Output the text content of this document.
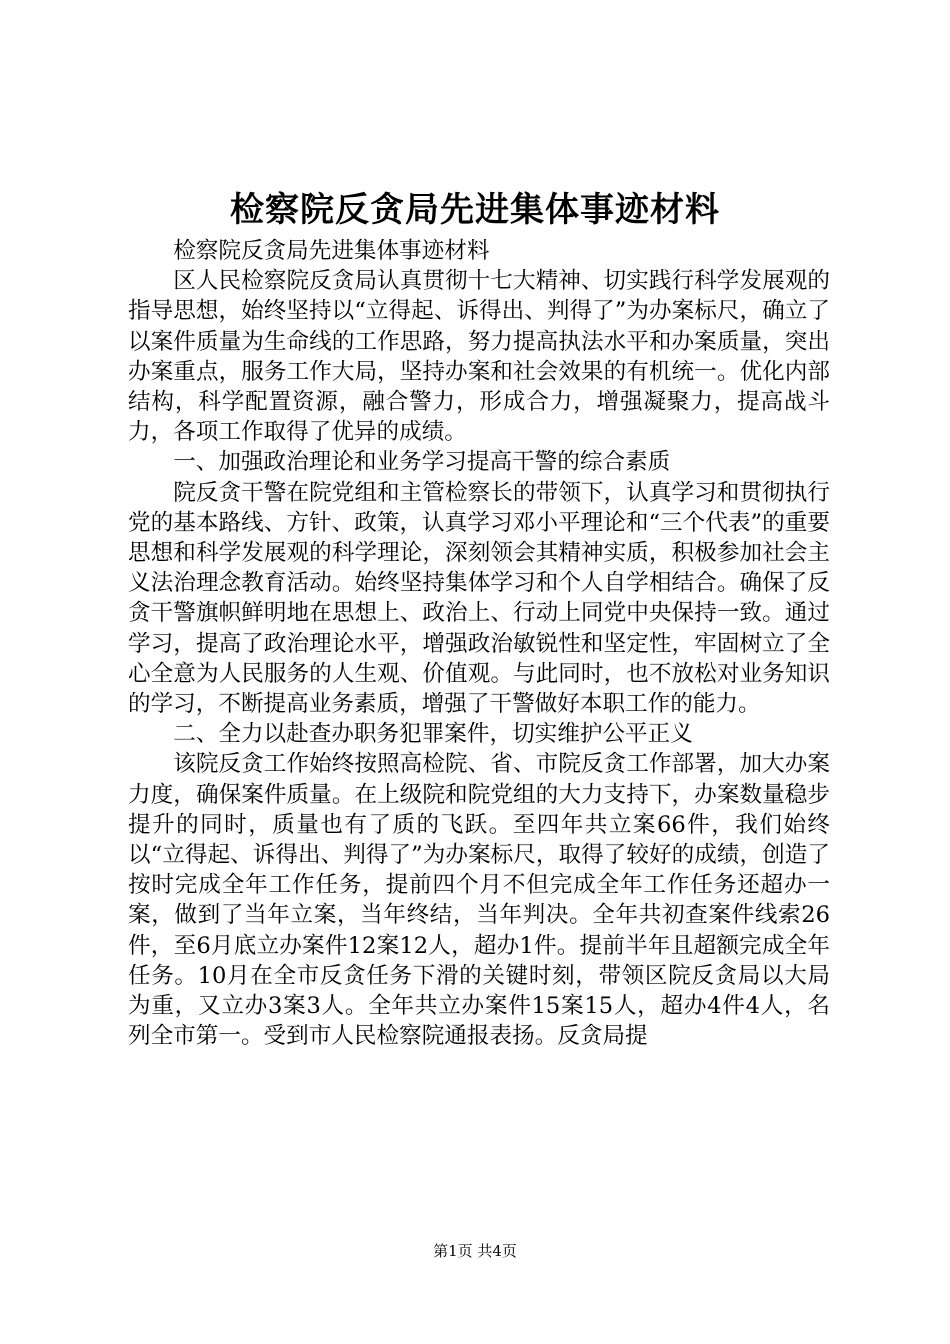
检察院反贪局先进集体事迹材料

检察院反贪局先进集体事迹材料

区人民检察院反贪局认真贯彻十七大精神、切实践行科学发展观的指导思想，始终坚持以“立得起、诉得出、判得了”为办案标尺，确立了以案件质量为生命线的工作思路，努力提高执法水平和办案质量，突出办案重点，服务工作大局，坚持办案和社会效果的有机统一。优化内部结构，科学配置资源，融合警力，形成合力，增强凝聚力，提高战斗力，各项工作取得了优异的成绩。

一、加强政治理论和业务学习提高干警的综合素质

院反贪干警在院党组和主管检察长的带领下，认真学习和贯彻执行党的基本路线、方针、政策，认真学习邓小平理论和“三个代表”的重要思想和科学发展观的科学理论，深刻领会其精神实质，积极参加社会主义法治理念教育活动。始终坚持集体学习和个人自学相结合。确保了反贪干警旗帜鲜明地在思想上、政治上、行动上同党中央保持一致。通过学习，提高了政治理论水平，增强政治敏锐性和坚定性，牢固树立了全心全意为人民服务的人生观、价值观。与此同时，也不放松对业务知识的学习，不断提高业务素质，增强了干警做好本职工作的能力。

二、全力以赴查办职务犯罪案件，切实维护公平正义

该院反贪工作始终按照高检院、省、市院反贪工作部署，加大办案力度，确保案件质量。在上级院和院党组的大力支持下，办案数量稳步提升的同时，质量也有了质的飞跃。至四年共立案66件，我们始终以“立得起、诉得出、判得了”为办案标尺，取得了较好的成绩，创造了按时完成全年工作任务，提前四个月不但完成全年工作任务还超办一案，做到了当年立案，当年终结，当年判决。全年共初查案件线索26件，至6月底立办案件12案12人，超办1件。提前半年且超额完成全年任务。10月在全市反贪任务下滑的关键时刻，带领区院反贪局以大局为重，又立办3案3人。全年共立办案件15案15人，超办4件4人，名列全市第一。受到市人民检察院通报表扬。反贪局提

第1页 共4页
